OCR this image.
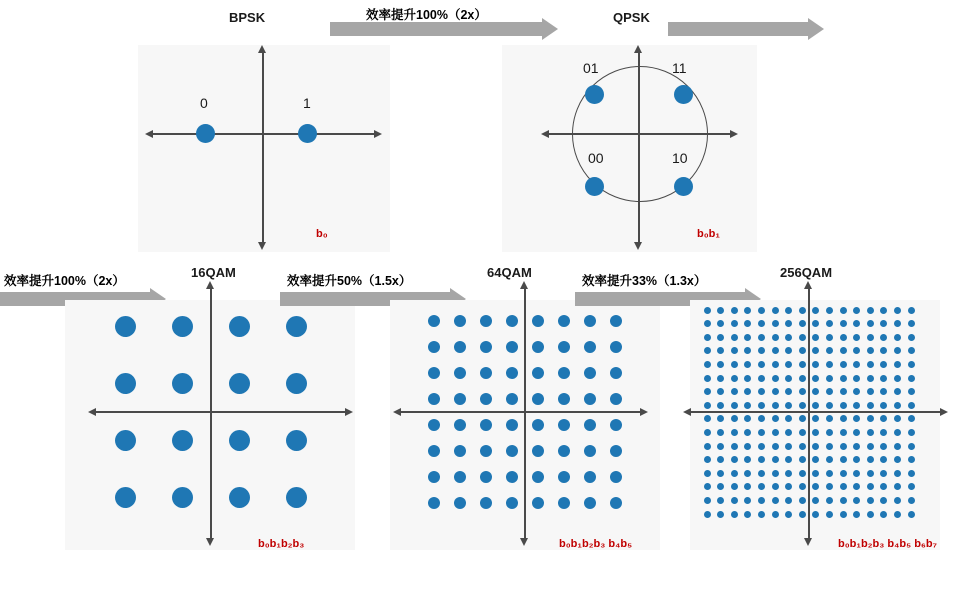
BPSK
0	1
b₀
效率提升100%（2x）	QPSK
01	11
00	10
b₀b₁
效率提升100%（2x）
16QAM
b₀b₁b₂b₃
效率提升50%（1.5x）
64QAM
b₀b₁b₂b₃ b₄b₅
效率提升33%（1.3x）
256QAM
b₀b₁b₂b₃ b₄b₅ b₆b₇
